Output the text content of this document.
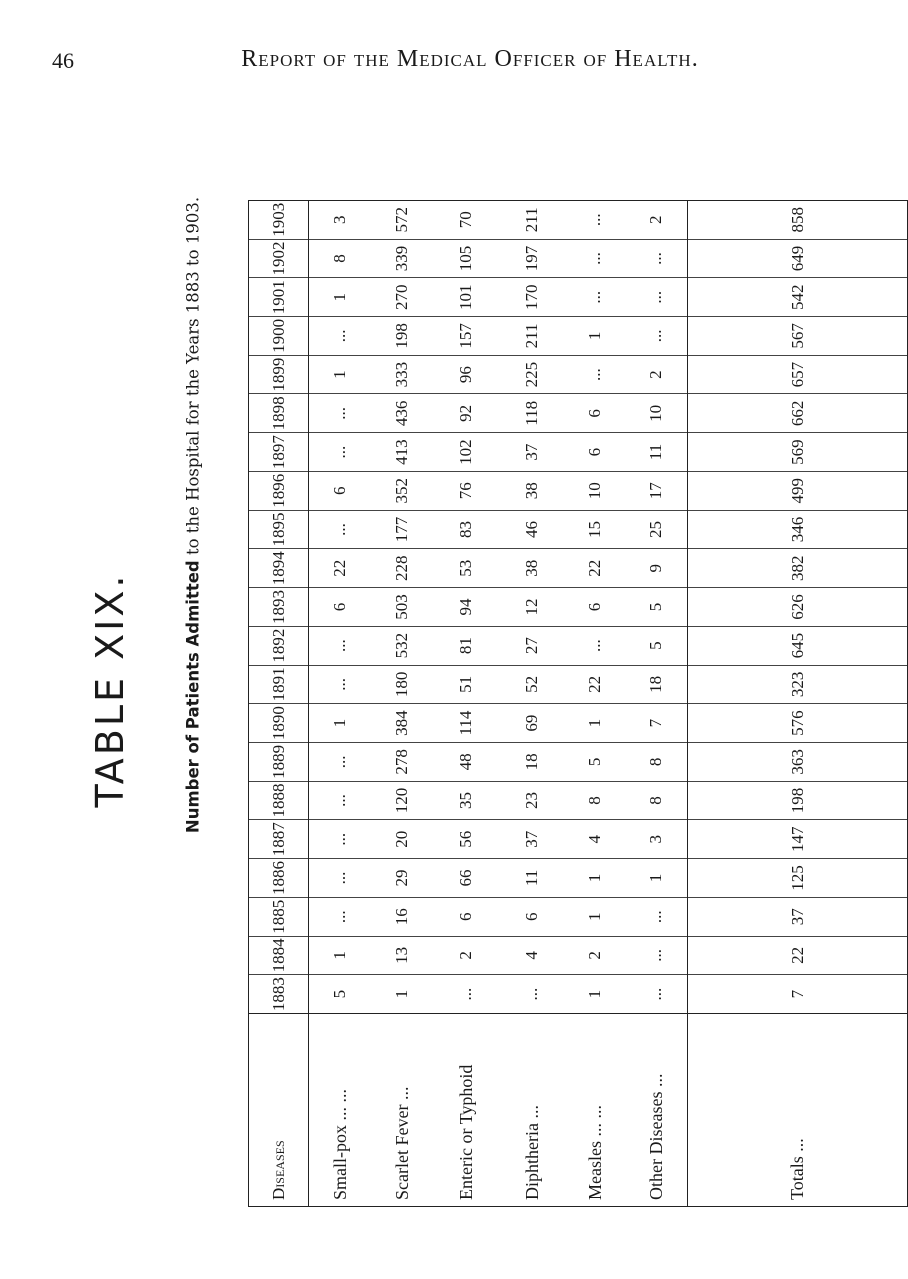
46	Report of the Medical Officer of Health.
TABLE XIX.	Number of Patients Admitted to the Hospital for the Years 1883 to 1903.
Diseases
1883
1884
1885
1886
1887
1888
1889
1890
1891
1892
1893
1894
1895
1896
1897
1898
1899
1900
1901
1902
1903
Small-pox ... ...
5
1
...
...
...
...
...
1
...
...
6
22
...
6
...
...
1
...
1
8
3
Scarlet Fever ...
1
13
16
29
20
120
278
384
180
532
503
228
177
352
413
436
333
198
270
339
572
Enteric or Typhoid
...
2
6
66
56
35
48
114
51
81
94
53
83
76
102
92
96
157
101
105
70
Diphtheria ...
...
4
6
11
37
23
18
69
52
27
12
38
46
38
37
118
225
211
170
197
211
Measles ... ...
1
2
1
1
4
8
5
1
22
...
6
22
15
10
6
6
...
1
...
...
...
Other Diseases ...
...
...
...
1
3
8
8
7
18
5
5
9
25
17
11
10
2
...
...
...
2
Totals ...
7
22
37
125
147
198
363
576
323
645
626
382
346
499
569
662
657
567
542
649
858
